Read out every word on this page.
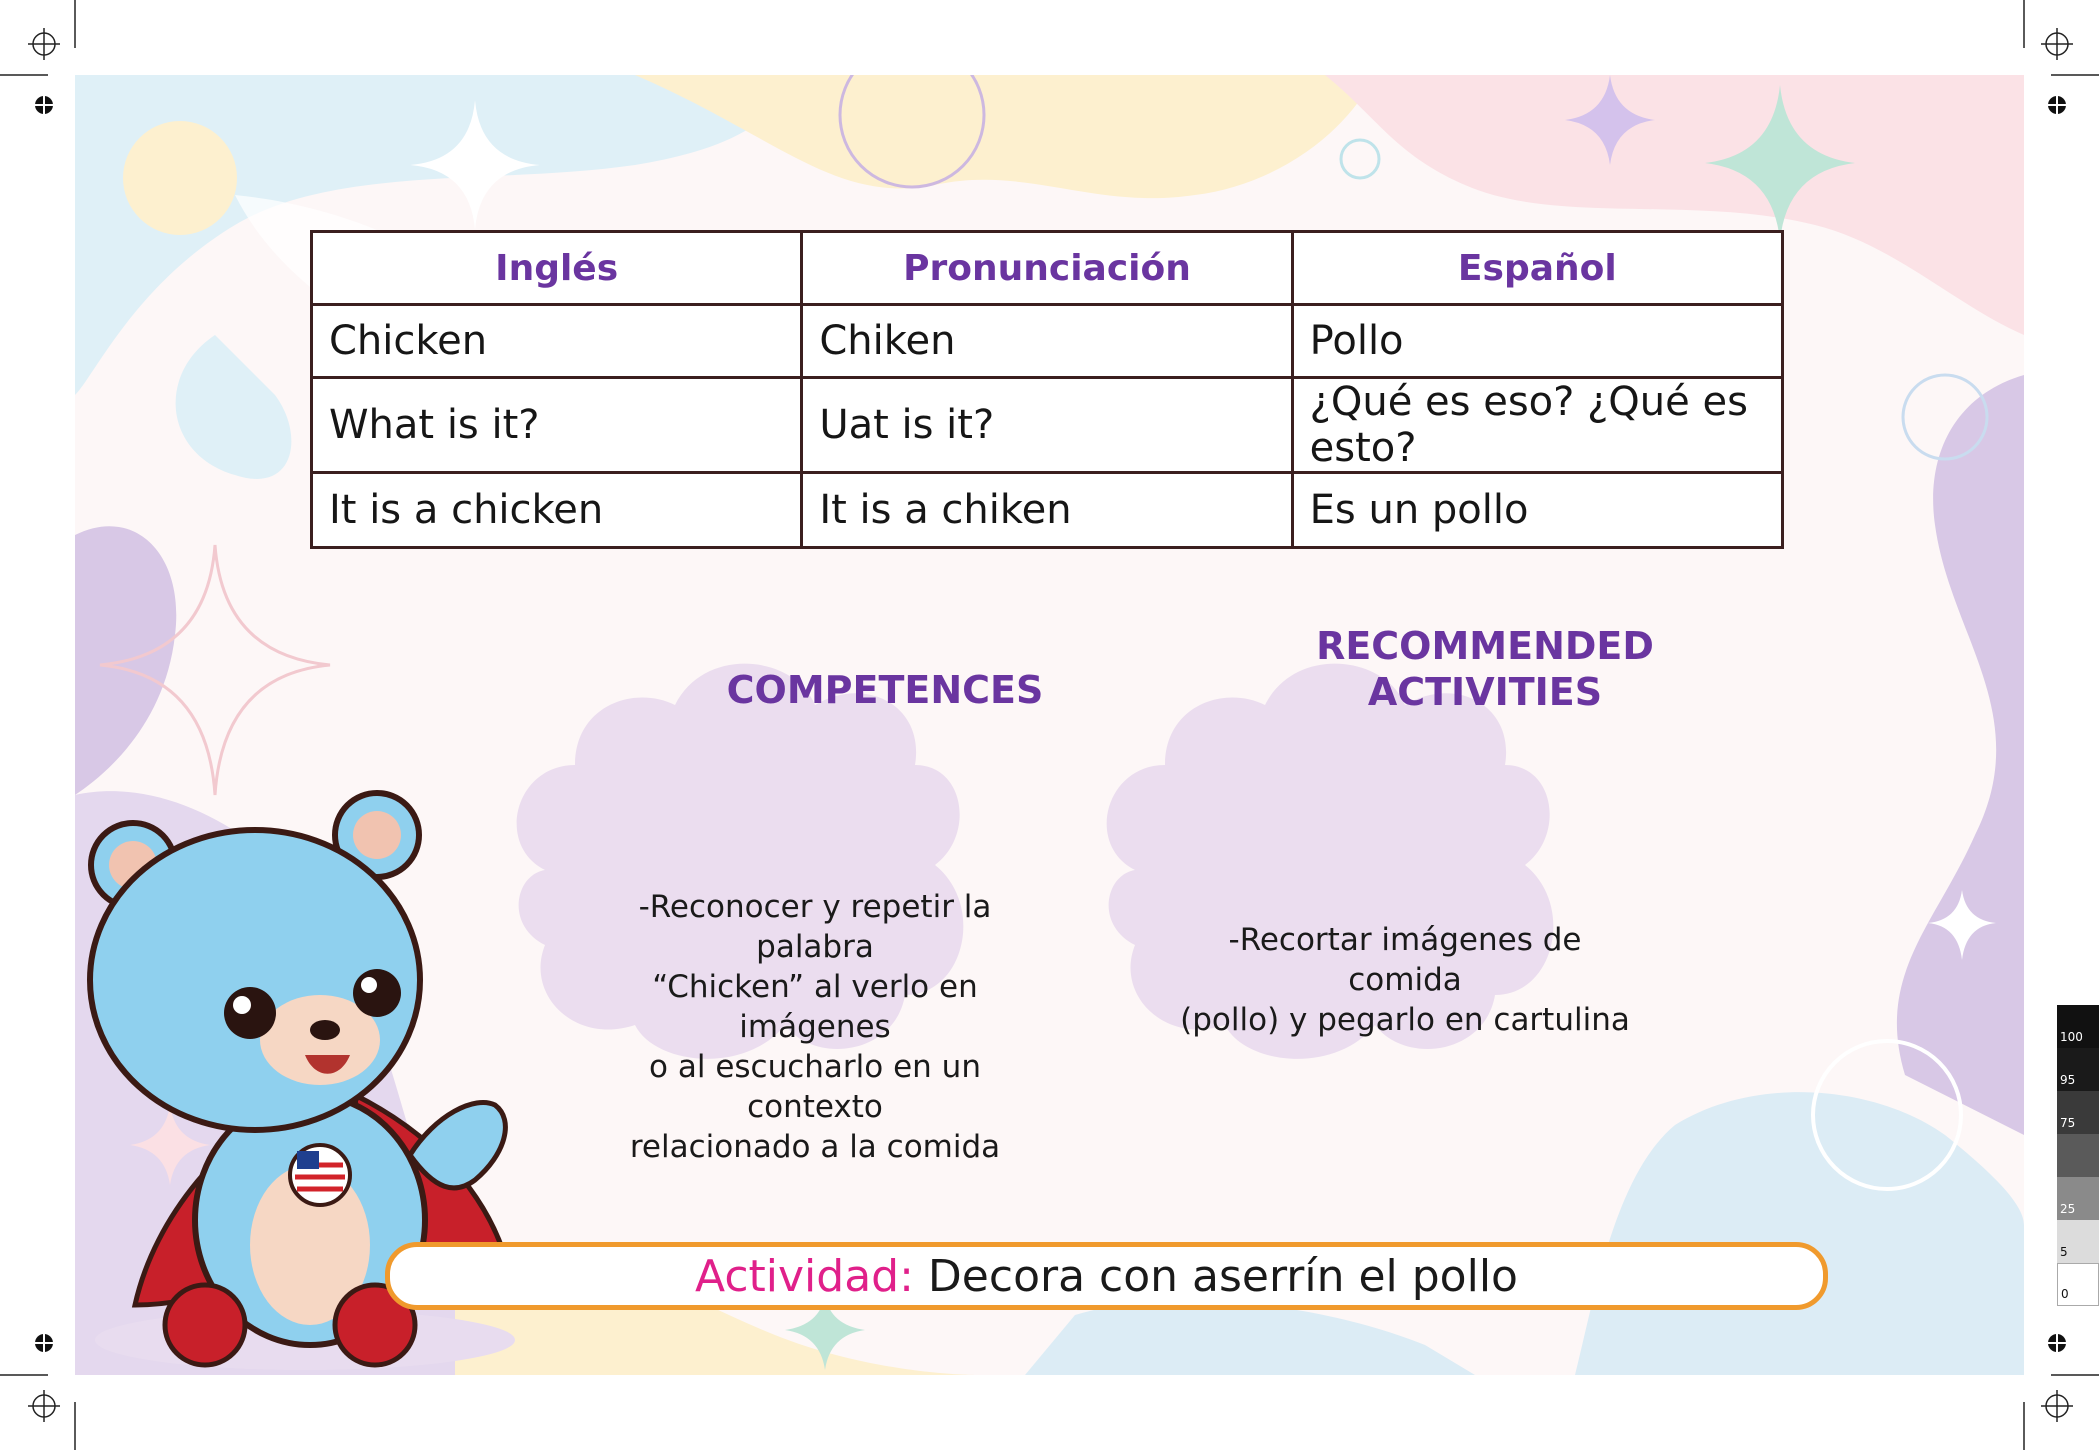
Inglés	Pronunciación	Español
Chicken	Chiken	Pollo
What is it?	Uat is it?	¿Qué es eso? ¿Qué es esto?
It is a chicken	It is a chiken	Es un pollo
COMPETENCES
RECOMMENDED
ACTIVITIES
-Reconocer y repetir la palabra
“Chicken” al verlo en imágenes
o al escucharlo en un contexto
relacionado a la comida
-Recortar imágenes de comida
(pollo) y pegarlo en cartulina
Actividad: Decora con aserrín el pollo
100
95
75
25
5
0
